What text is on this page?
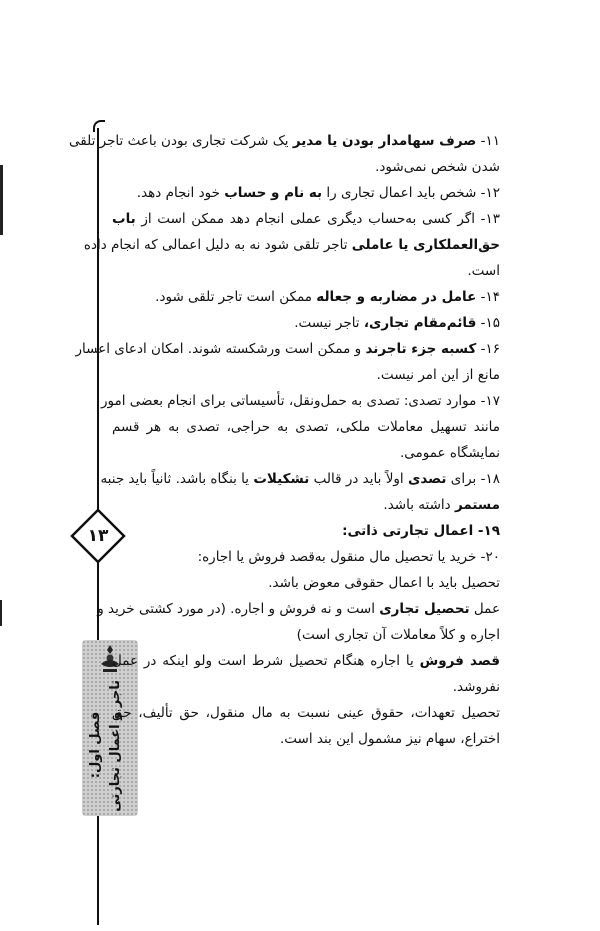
۱۳
فصل اول: تاجر و اعمال تجارتی
۱۱- صرف سهامدار بودن یا مدیر یک شرکت تجاری بودن باعث تاجر تلقی
شدن شخص نمی‌شود.
۱۲- شخص باید اعمال تجاری را به نام و حساب خود انجام دهد.
۱۳- اگر کسی به‌حساب دیگری عملی انجام دهد ممکن است از باب
حق‌العملکاری یا عاملی تاجر تلقی شود نه به دلیل اعمالی که انجام داده
است.
۱۴- عامل در مضاربه و جعاله ممکن است تاجر تلقی شود.
۱۵- قائم‌مقام تجاری، تاجر نیست.
۱۶- کسبه جزء تاجرند و ممکن است ورشکسته شوند. امکان ادعای اعسار
مانع از این امر نیست.
۱۷- موارد تصدی: تصدی به حمل‌ونقل، تأسیساتی برای انجام بعضی امور
مانند تسهیل معاملات ملکی، تصدی به حراجی، تصدی به هر قسم
نمایشگاه عمومی.
۱۸- برای تصدی اولاً باید در قالب تشکیلات یا بنگاه باشد. ثانیاً باید جنبه
مستمر داشته باشد.
۱۹- اعمال تجارتی ذاتی:
۲۰- خرید یا تحصیل مال منقول به‌قصد فروش یا اجاره:
تحصیل باید با اعمال حقوقی معوض باشد.
عمل تحصیل تجاری است و نه فروش و اجاره. (در مورد کشتی خرید و
اجاره و کلاً معاملات آن تجاری است)
قصد فروش یا اجاره هنگام تحصیل شرط است ولو اینکه در عمل
نفروشد.
تحصیل تعهدات، حقوق عینی نسبت به مال منقول، حق تألیف، حق
اختراع، سهام نیز مشمول این بند است.
